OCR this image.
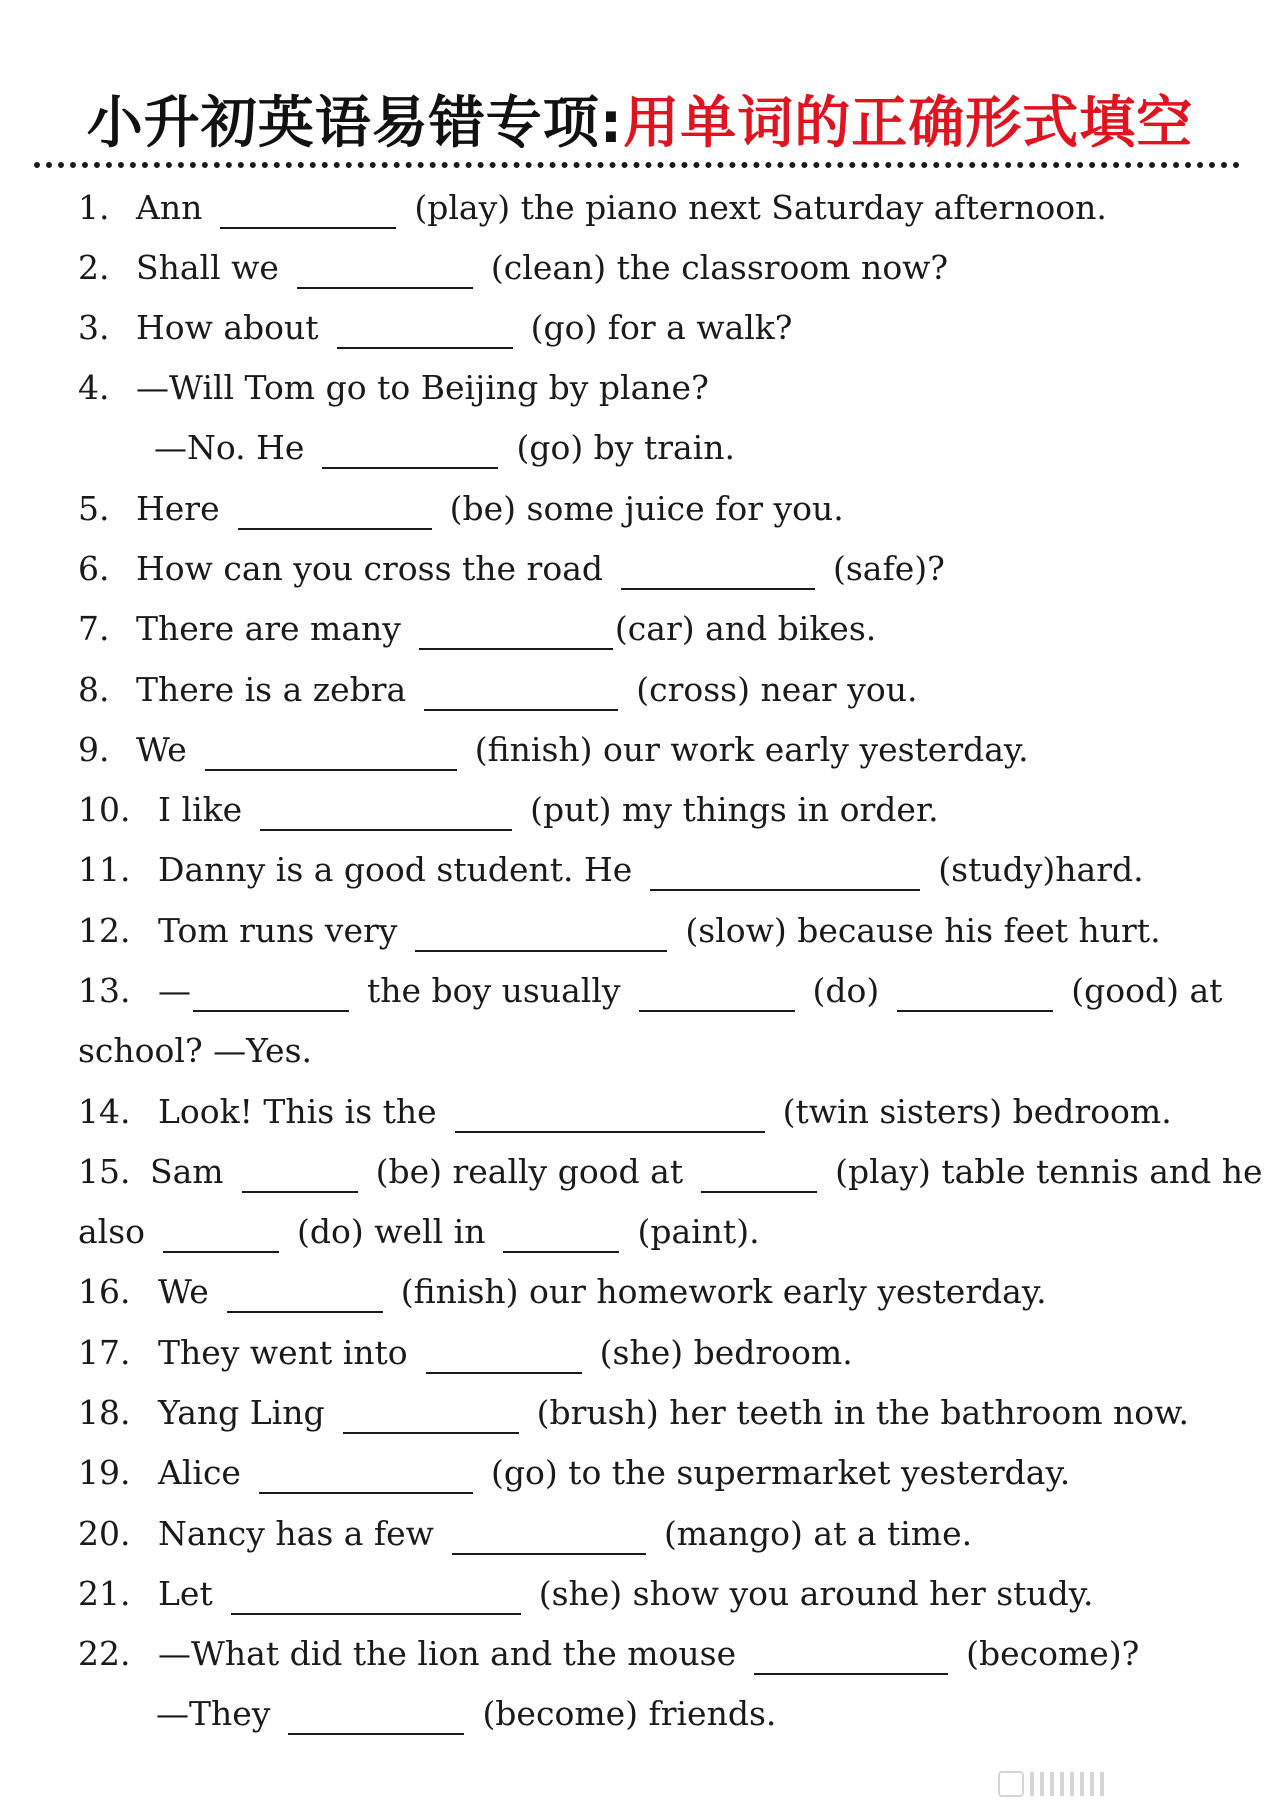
小升初英语易错专项:用单词的正确形式填空
1. Ann	(play) the piano next Saturday afternoon.
2. Shall we	(clean) the classroom now?
3. How about	(go) for a walk?
4. —Will Tom go to Beijing by plane?
—No. He	(go) by train.
5. Here	(be) some juice for you.
6. How can you cross the road	(safe)?
7. There are many	(car) and bikes.
8. There is a zebra	(cross) near you.
9. We	(finish) our work early yesterday.
10. I like	(put) my things in order.
11. Danny is a good student. He	(study)hard.
12. Tom runs very	(slow) because his feet hurt.
13. —	the boy usually	(do)	(good) at
school? —Yes.
14. Look! This is the	(twin sisters) bedroom.
15. Sam	(be) really good at	(play) table tennis and he
also	(do) well in	(paint).
16. We	(finish) our homework early yesterday.
17. They went into	(she) bedroom.
18. Yang Ling	(brush) her teeth in the bathroom now.
19. Alice	(go) to the supermarket yesterday.
20. Nancy has a few	(mango) at a time.
21. Let	(she) show you around her study.
22. —What did the lion and the mouse	(become)?
—They	(become) friends.
